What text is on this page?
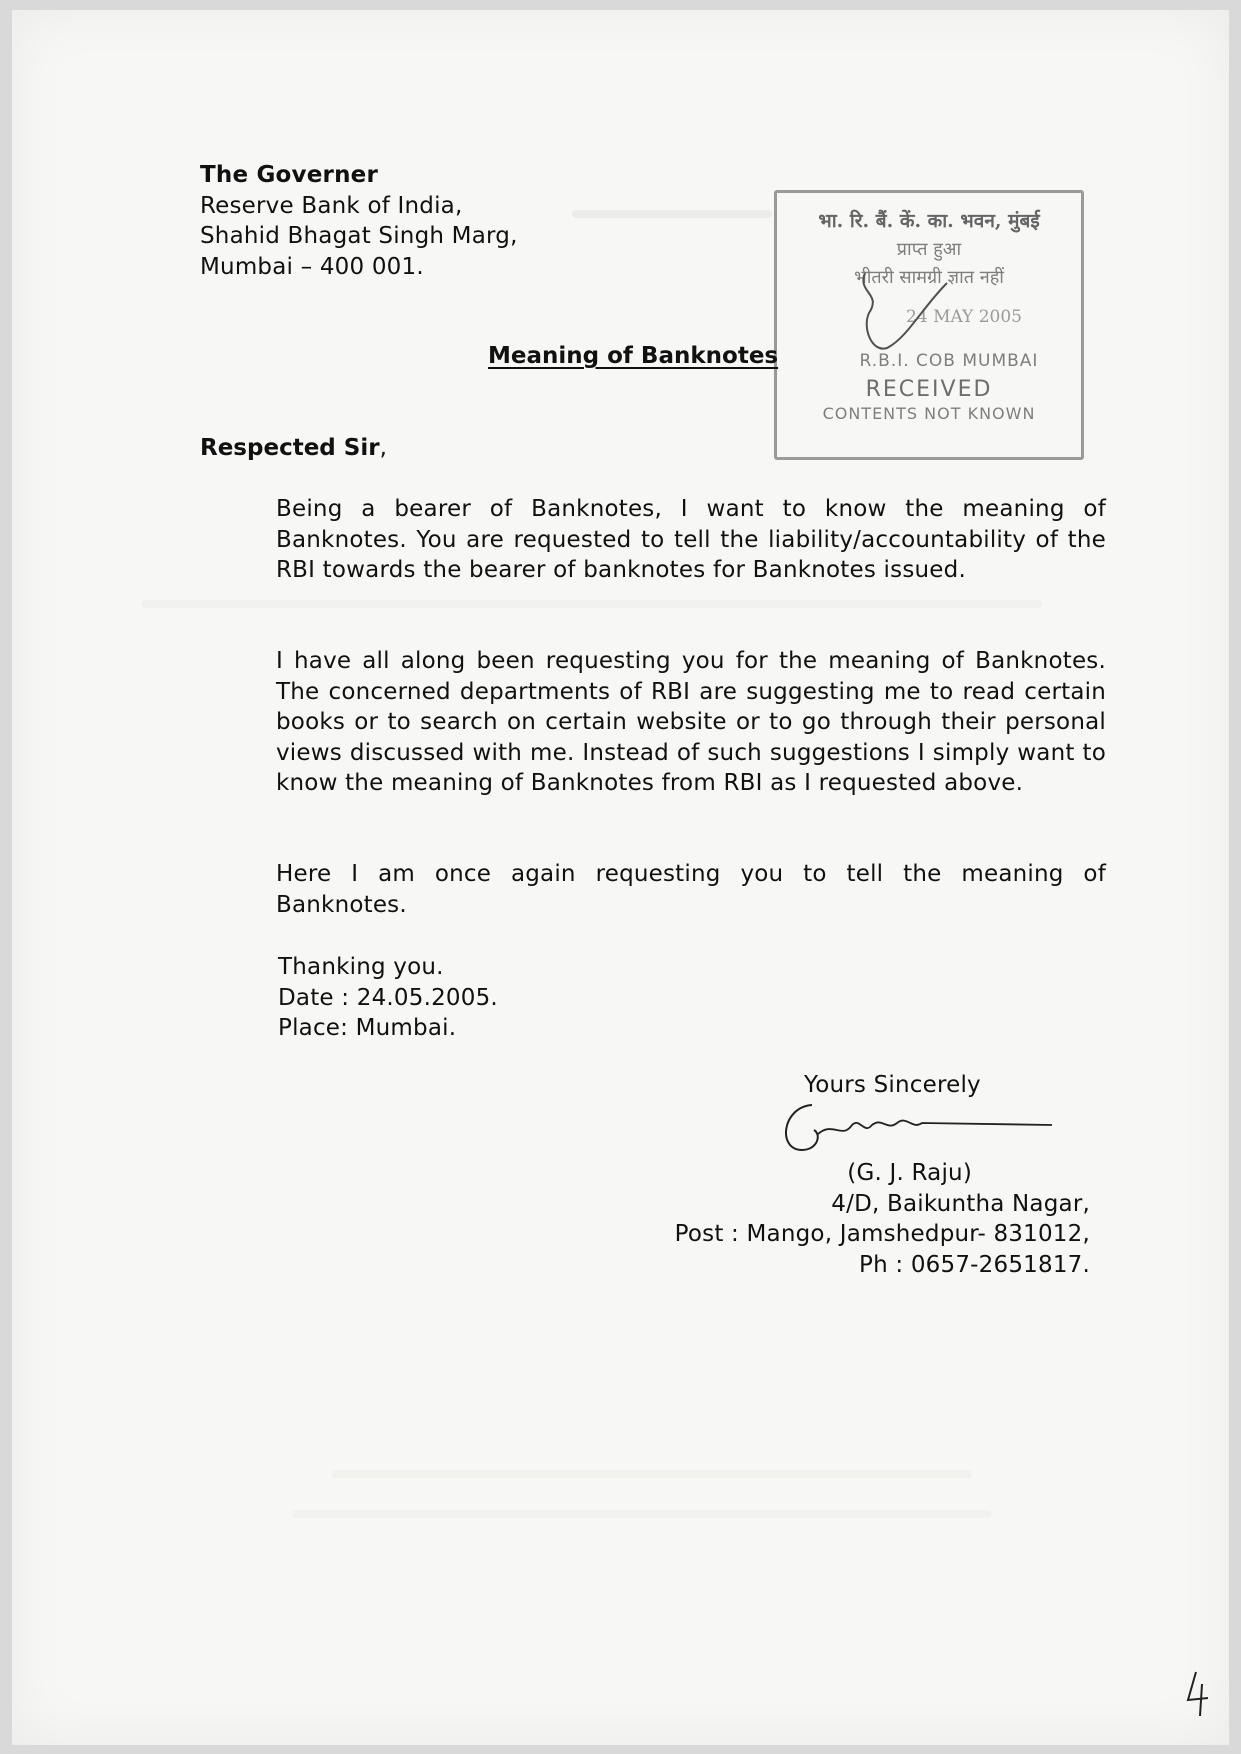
The Governer
Reserve Bank of India,
Shahid Bhagat Singh Marg,
Mumbai – 400 001.
भा. रि. बैं. कें. का. भवन, मुंबई
प्राप्त हुआ
भीतरी सामग्री ज्ञात नहीं
24 MAY 2005
R.B.I. COB MUMBAI
RECEIVED
CONTENTS NOT KNOWN
Meaning of Banknotes
Respected Sir,
Being a bearer of Banknotes, I want to know the meaning of Banknotes. You are requested to tell the liability/accountability of the RBI towards the bearer of banknotes for Banknotes issued.
I have all along been requesting you for the meaning of Banknotes. The concerned departments of RBI are suggesting me to read certain books or to search on certain website or to go through their personal views discussed with me. Instead of such suggestions I simply want to know the meaning of Banknotes from RBI as I requested above.
Here I am once again requesting you to tell the meaning of Banknotes.
Thanking you.
Date : 24.05.2005.
Place: Mumbai.
Yours Sincerely
(G. J. Raju)
4/D, Baikuntha Nagar,
Post : Mango, Jamshedpur- 831012,
Ph : 0657-2651817.
